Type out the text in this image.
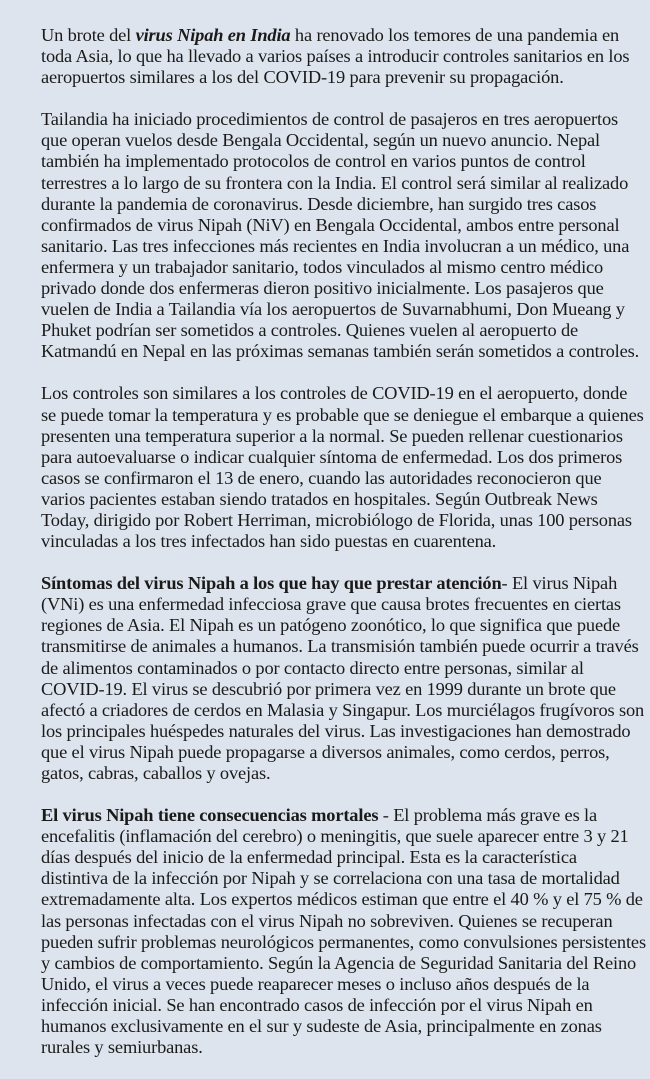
Un brote del virus Nipah en India ha renovado los temores de una pandemia en toda Asia, lo que ha llevado a varios países a introducir controles sanitarios en los aeropuertos similares a los del COVID-19 para prevenir su propagación.

Tailandia ha iniciado procedimientos de control de pasajeros en tres aeropuertos que operan vuelos desde Bengala Occidental, según un nuevo anuncio. Nepal también ha implementado protocolos de control en varios puntos de control terrestres a lo largo de su frontera con la India. El control será similar al realizado durante la pandemia de coronavirus. Desde diciembre, han surgido tres casos confirmados de virus Nipah (NiV) en Bengala Occidental, ambos entre personal sanitario. Las tres infecciones más recientes en India involucran a un médico, una enfermera y un trabajador sanitario, todos vinculados al mismo centro médico privado donde dos enfermeras dieron positivo inicialmente. Los pasajeros que vuelen de India a Tailandia vía los aeropuertos de Suvarnabhumi, Don Mueang y Phuket podrían ser sometidos a controles. Quienes vuelen al aeropuerto de Katmandú en Nepal en las próximas semanas también serán sometidos a controles.

Los controles son similares a los controles de COVID-19 en el aeropuerto, donde se puede tomar la temperatura y es probable que se deniegue el embarque a quienes presenten una temperatura superior a la normal. Se pueden rellenar cuestionarios para autoevaluarse o indicar cualquier síntoma de enfermedad. Los dos primeros casos se confirmaron el 13 de enero, cuando las autoridades reconocieron que varios pacientes estaban siendo tratados en hospitales. Según Outbreak News Today, dirigido por Robert Herriman, microbiólogo de Florida, unas 100 personas vinculadas a los tres infectados han sido puestas en cuarentena.

Síntomas del virus Nipah a los que hay que prestar atención- El virus Nipah (VNi) es una enfermedad infecciosa grave que causa brotes frecuentes en ciertas regiones de Asia. El Nipah es un patógeno zoonótico, lo que significa que puede transmitirse de animales a humanos. La transmisión también puede ocurrir a través de alimentos contaminados o por contacto directo entre personas, similar al COVID-19. El virus se descubrió por primera vez en 1999 durante un brote que afectó a criadores de cerdos en Malasia y Singapur. Los murciélagos frugívoros son los principales huéspedes naturales del virus. Las investigaciones han demostrado que el virus Nipah puede propagarse a diversos animales, como cerdos, perros, gatos, cabras, caballos y ovejas.

El virus Nipah tiene consecuencias mortales - El problema más grave es la encefalitis (inflamación del cerebro) o meningitis, que suele aparecer entre 3 y 21 días después del inicio de la enfermedad principal. Esta es la característica distintiva de la infección por Nipah y se correlaciona con una tasa de mortalidad extremadamente alta. Los expertos médicos estiman que entre el 40 % y el 75 % de las personas infectadas con el virus Nipah no sobreviven. Quienes se recuperan pueden sufrir problemas neurológicos permanentes, como convulsiones persistentes y cambios de comportamiento. Según la Agencia de Seguridad Sanitaria del Reino Unido, el virus a veces puede reaparecer meses o incluso años después de la infección inicial. Se han encontrado casos de infección por el virus Nipah en humanos exclusivamente en el sur y sudeste de Asia, principalmente en zonas rurales y semiurbanas.
